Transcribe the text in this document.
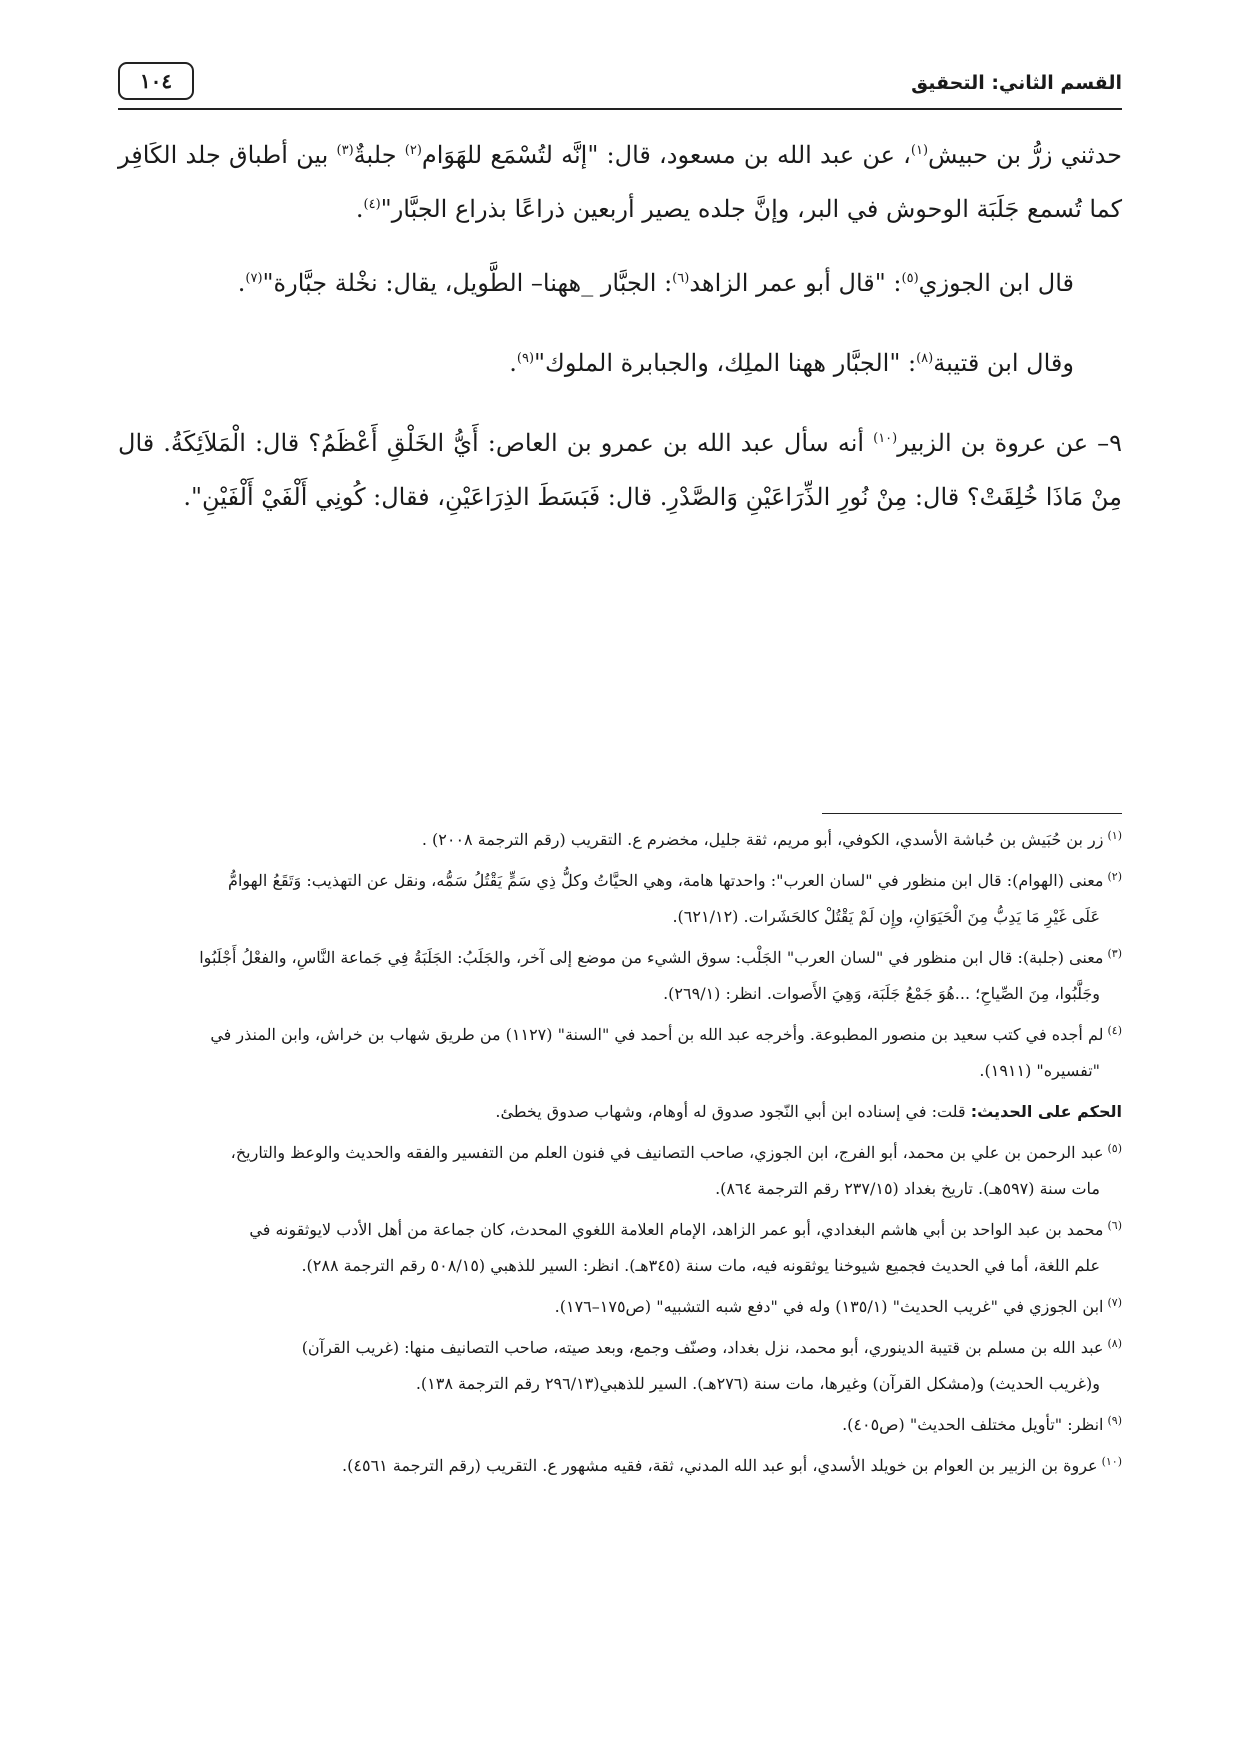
القسم الثاني: التحقيق
١٠٤

حدثني زرُّ بن حبيش$^{(١)}$، عن عبد الله بن مسعود، قال: "إنَّه لتُسْمَع للهَوَام$^{(٢)}$ جلبةٌ$^{(٣)}$ بين أطباق جلد الكَافِر كما تُسمع جَلَبَة الوحوش في البر، وإنَّ جلده يصير أربعين ذراعًا بذراع الجبَّار"$^{(٤)}$.

قال ابن الجوزي$^{(٥)}$: "قال أبو عمر الزاهد$^{(٦)}$: الجبَّار _ههنا– الطَّويل، يقال: نخْلة جبَّارة"$^{(٧)}$.

وقال ابن قتيبة$^{(٨)}$: "الجبَّار ههنا الملِك، والجبابرة الملوك"$^{(٩)}$.

٩– عن عروة بن الزبير$^{(١٠)}$ أنه سأل عبد الله بن عمرو بن العاص: أَيُّ الخَلْقِ أَعْظَمُ؟ قال: الْمَلاَئِكَةُ. قال مِنْ مَاذَا خُلِقَتْ؟ قال: مِنْ نُورِ الذِّرَاعَيْنِ وَالصَّدْرِ. قال: فَبَسَطَ الذِرَاعَيْنِ، فقال: كُونِي أَلْفَيْ أَلْفَيْنِ".

$^{(١)}$زر بن حُبَيش بن حُباشة الأسدي، الكوفي، أبو مريم، ثقة جليل، مخضرم ع. التقريب (رقم الترجمة ٢٠٠٨) .

$^{(٢)}$معنى (الهوام): قال ابن منظور في "لسان العرب": واحدتها هامة، وهي الحيَّاتُ وكلُّ ذِي سَمٍّ يَقْتُلُ سَمُّه، ونقل عن التهذيب: وَتَقَعُ الهوامُّ
عَلَى غَيْرِ مَا يَدِبُّ مِنَ الْحَيَوَانِ، وإِن لَمْ يَقْتُلْ كالحَشَرات. (٦٢١/١٢).

$^{(٣)}$معنى (جلبة): قال ابن منظور في "لسان العرب" الجَلْب: سوق الشيء من موضع إلى آخر، والجَلَبُ: الجَلَبَةُ فِي جَماعة النَّاسِ، والفعْلُ أَجْلَبُوا
وجَلَّبُوا، مِنَ الصِّياحِ؛ ...هُوَ جَمْعُ جَلَبَة، وَهِيَ الأَصوات. انظر: (٢٦٩/١).

$^{(٤)}$لم أجده في كتب سعيد بن منصور المطبوعة. وأخرجه عبد الله بن أحمد في "السنة" (١١٢٧) من طريق شهاب بن خراش، وابن المنذر في
"تفسيره" (١٩١١).

الحكم على الحديث: قلت: في إسناده ابن أبي النّجود صدوق له أوهام، وشهاب صدوق يخطئ.

$^{(٥)}$عبد الرحمن بن علي بن محمد، أبو الفرج، ابن الجوزي، صاحب التصانيف في فنون العلم من التفسير والفقه والحديث والوعظ والتاريخ،
مات سنة (٥٩٧هـ). تاريخ بغداد (٢٣٧/١٥ رقم الترجمة ٨٦٤).

$^{(٦)}$محمد بن عبد الواحد بن أبي هاشم البغدادي، أبو عمر الزاهد، الإمام العلامة اللغوي المحدث، كان جماعة من أهل الأدب لايوثقونه في
علم اللغة، أما في الحديث فجميع شيوخنا يوثقونه فيه، مات سنة (٣٤٥هـ). انظر: السير للذهبي (٥٠٨/١٥ رقم الترجمة ٢٨٨).

$^{(٧)}$ابن الجوزي في "غريب الحديث" (١٣٥/١) وله في "دفع شبه التشبيه" (ص١٧٥–١٧٦).

$^{(٨)}$عبد الله بن مسلم بن قتيبة الدينوري، أبو محمد، نزل بغداد، وصنّف وجمع، وبعد صيته، صاحب التصانيف منها: (غريب القرآن)
و(غريب الحديث) و(مشكل القرآن) وغيرها، مات سنة (٢٧٦هـ). السير للذهبي(٢٩٦/١٣ رقم الترجمة ١٣٨).

$^{(٩)}$انظر: "تأويل مختلف الحديث" (ص٤٠٥).

$^{(١٠)}$عروة بن الزبير بن العوام بن خويلد الأسدي، أبو عبد الله المدني، ثقة، فقيه مشهور ع. التقريب (رقم الترجمة ٤٥٦١).
